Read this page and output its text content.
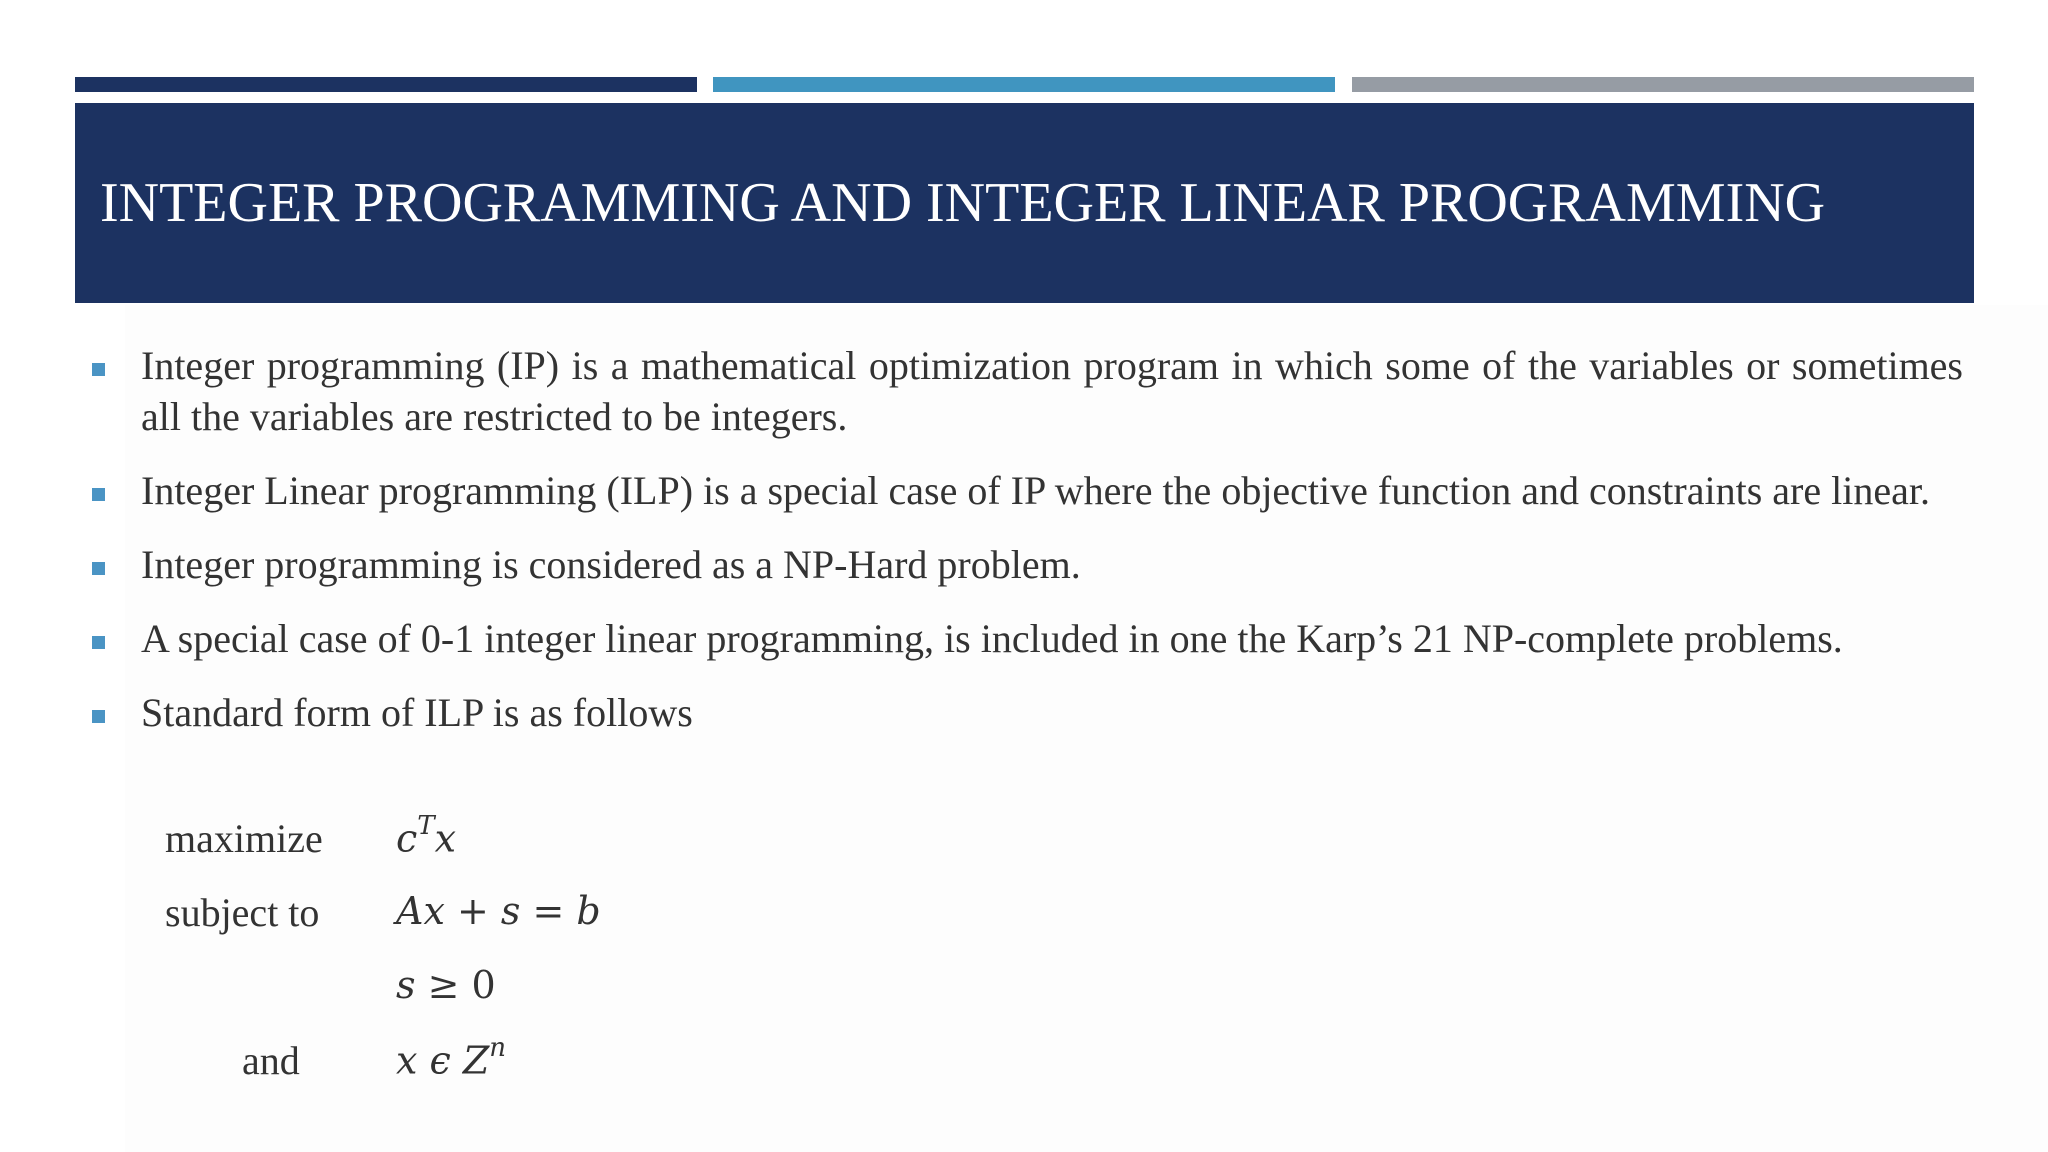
INTEGER PROGRAMMING AND INTEGER LINEAR PROGRAMMING
Integer programming (IP) is a mathematical optimization program in which some of the variables or sometimes all the variables are restricted to be integers.
Integer Linear programming (ILP) is a special case of IP where the objective function and constraints are linear.
Integer programming is considered as a NP-Hard problem.
A special case of 0-1 integer linear programming, is included in one the Karp’s 21 NP-complete problems.
Standard form of ILP is as follows
maximize $c^Tx$
subject to Ax + s = b
s ≥ 0
and	x ϵ $Z^n$
